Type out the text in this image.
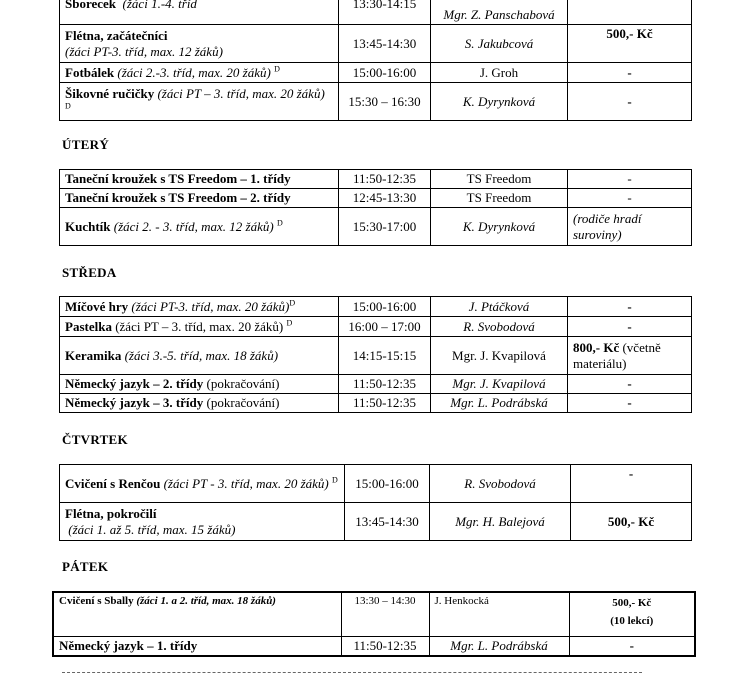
Sborecek (žáci 1.-4. tříd	13:30-14:15	Mgr. Z. Panschabová	
Flétna, začátečníci
(žáci PT-3. tříd, max. 12 žáků)	13:45-14:30	S. Jakubcová	500,- Kč
Fotbálek (žáci 2.-3. tříd, max. 20 žáků) $^D$	15:00-16:00	J. Groh	-
Šikovné ručičky (žáci PT – 3. tříd, max. 20 žáků) $^D$	15:30 – 16:30	K. Dyrynková	-
ÚTERÝ
Taneční kroužek s TS Freedom – 1. třídy	11:50-12:35	TS Freedom	-
Taneční kroužek s TS Freedom – 2. třídy	12:45-13:30	TS Freedom	-
Kuchtík (žáci 2. - 3. tříd, max. 12 žáků) $^D$	15:30-17:00	K. Dyrynková	(rodiče hradí suroviny)
STŘEDA
Míčové hry (žáci PT-3. tříd, max. 20 žáků)$^D$	15:00-16:00	J. Ptáčková	-
Pastelka (žáci PT – 3. tříd, max. 20 žáků) $^D$	16:00 – 17:00	R. Svobodová	-
Keramika (žáci 3.-5. tříd, max. 18 žáků)	14:15-15:15	Mgr. J. Kvapilová	800,- Kč (včetně materiálu)
Německý jazyk – 2. třídy (pokračování)	11:50-12:35	Mgr. J. Kvapilová	-
Německý jazyk – 3. třídy (pokračování)	11:50-12:35	Mgr. L. Podrábská	-
ČTVRTEK
Cvičení s Renčou (žáci PT - 3. tříd, max. 20 žáků) $^D$	15:00-16:00	R. Svobodová	-
Flétna, pokročilí
(žáci 1. až 5. tříd, max. 15 žáků)	13:45-14:30	Mgr. H. Balejová	500,- Kč
PÁTEK
Cvičení s Sbally (žáci 1. a 2. tříd, max. 18 žáků)	13:30 – 14:30	J. Henkocká	500,- Kč
(10 lekcí)
Německý jazyk – 1. třídy	11:50-12:35	Mgr. L. Podrábská	-
